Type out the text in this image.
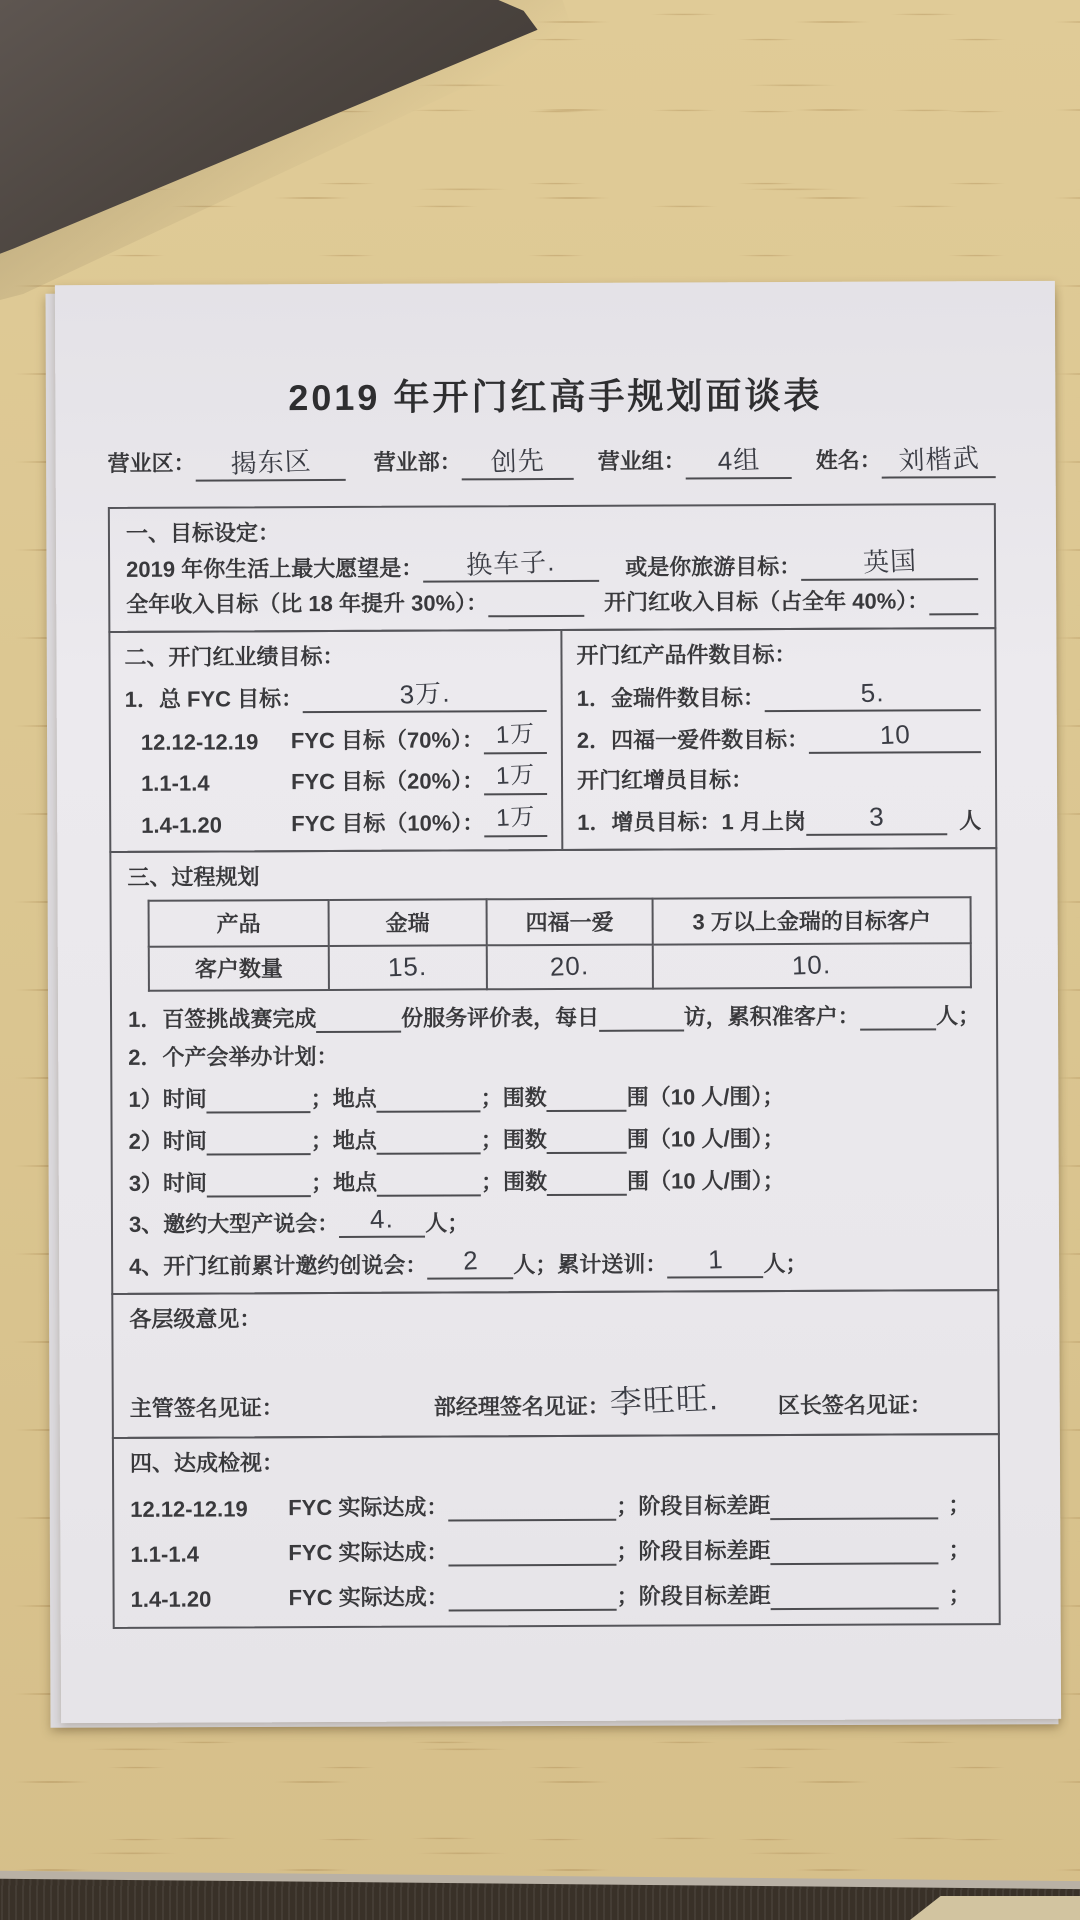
2019 年开门红高手规划面谈表
营业区：	揭东区	营业部：	创先	营业组：	4组	姓名： 刘楷武
一、目标设定：
2019 年你生活上最大愿望是：	换车子.	或是你旅游目标：	英国
全年收入目标（比 18 年提升 30%）：	开门红收入目标（占全年 40%）：
二、开门红业绩目标：
1．总 FYC 目标：	3万.
12.12-12.19	FYC 目标（70%）： 1万
1.1-1.4	FYC 目标（20%）： 1万
1.4-1.20	FYC 目标（10%）： 1万
开门红产品件数目标：
1．金瑞件数目标：	5.
2．四福一爱件数目标：	10
开门红增员目标：
1．增员目标：1 月上岗	3	人
三、过程规划
产品	金瑞	四福一爱	3 万以上金瑞的目标客户
客户数量	15.	20.	10.
1．百签挑战赛完成	份服务评价表，每日	访，累积准客户：	人；
2．个产会举办计划：
1）时间	；地点	；围数	围（10 人/围）；
2）时间	；地点	；围数	围（10 人/围）；
3）时间	；地点	；围数	围（10 人/围）；
3、邀约大型产说会：	4.	人；
4、开门红前累计邀约创说会：	2	人；累计送训：	1	人；
各层级意见：
主管签名见证：	部经理签名见证： 李旺旺.	区长签名见证：
四、达成检视：
12.12-12.19	FYC 实际达成：	；阶段目标差距	；
1.1-1.4	FYC 实际达成：	；阶段目标差距	；
1.4-1.20	FYC 实际达成：	；阶段目标差距	；
